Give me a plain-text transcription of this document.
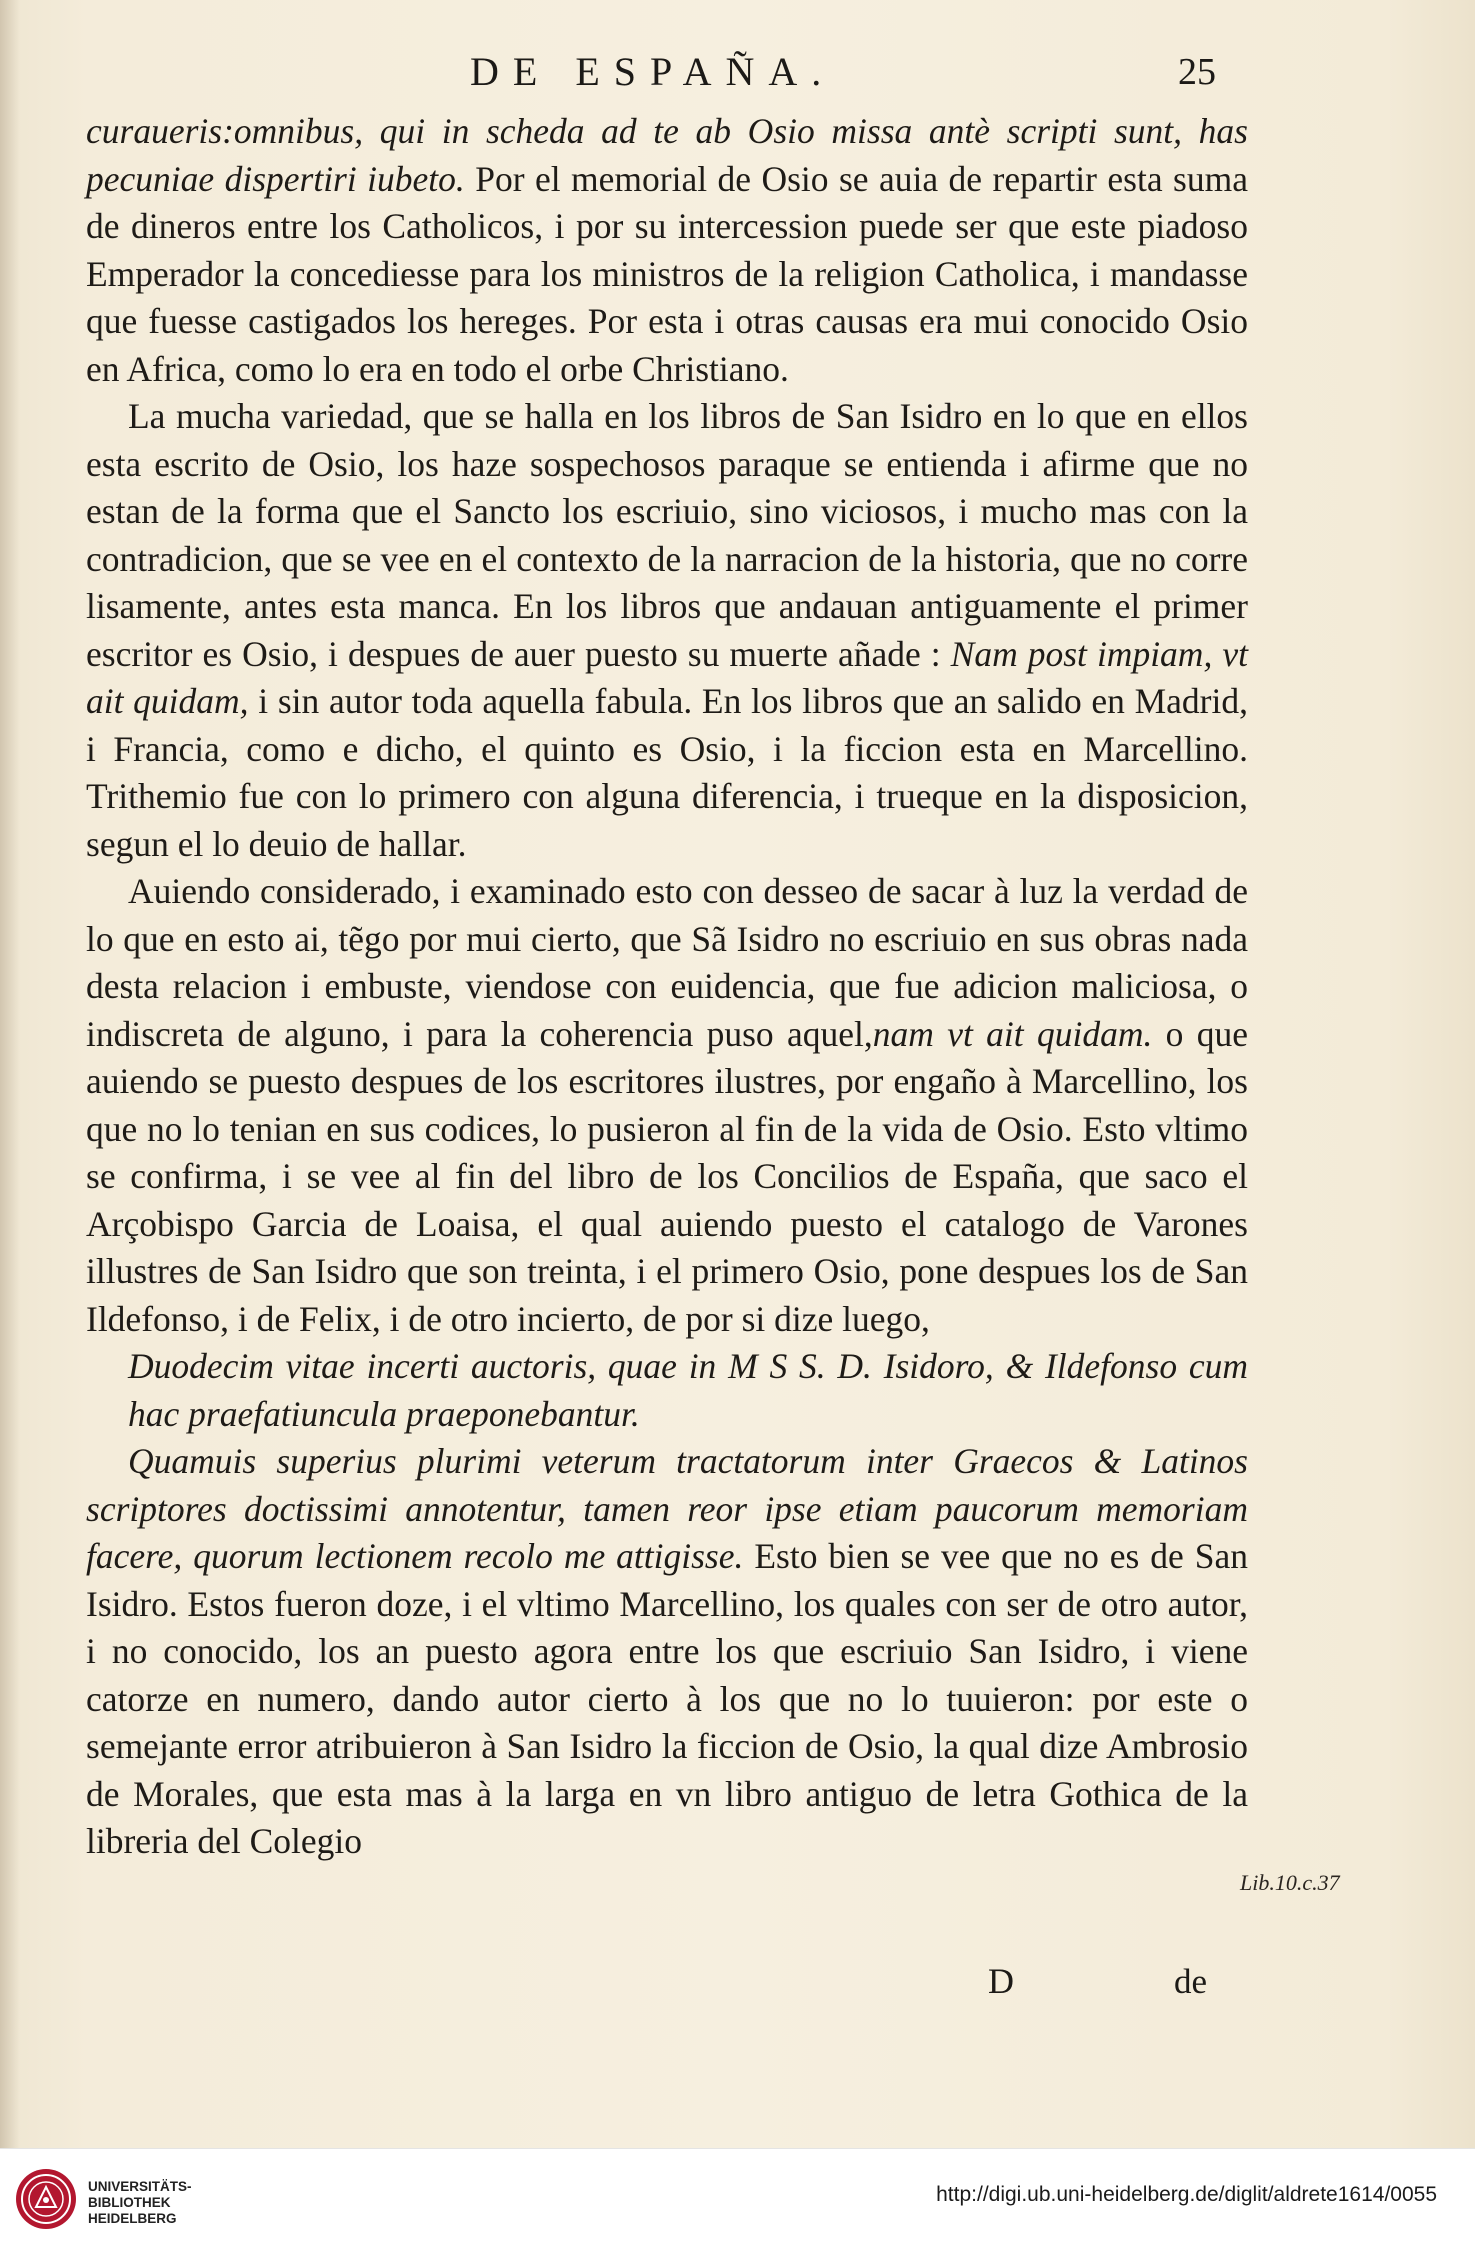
DE ESPAÑA.	25

curaueris:omnibus, qui in scheda ad te ab Osio missa antè scripti sunt, has pecuniae dispertiri iubeto. Por el memorial de Osio se auia de repartir esta suma de dineros entre los Catholicos, i por su intercession puede ser que este piadoso Emperador la concediesse para los ministros de la religion Catholica, i mandasse que fuesse castigados los hereges. Por esta i otras causas era mui conocido Osio en Africa, como lo era en todo el orbe Christiano.

La mucha variedad, que se halla en los libros de San Isidro en lo que en ellos esta escrito de Osio, los haze sospechosos paraque se entienda i afirme que no estan de la forma que el Sancto los escriuio, sino viciosos, i mucho mas con la contradicion, que se vee en el contexto de la narracion de la historia, que no corre lisamente, antes esta manca. En los libros que andauan antiguamente el primer escritor es Osio, i despues de auer puesto su muerte añade : Nam post impiam, vt ait quidam, i sin autor toda aquella fabula. En los libros que an salido en Madrid, i Francia, como e dicho, el quinto es Osio, i la ficcion esta en Marcellino. Trithemio fue con lo primero con alguna diferencia, i trueque en la disposicion, segun el lo deuio de hallar.

Auiendo considerado, i examinado esto con desseo de sacar à luz la verdad de lo que en esto ai, tẽgo por mui cierto, que Sã Isidro no escriuio en sus obras nada desta relacion i embuste, viendose con euidencia, que fue adicion maliciosa, o indiscreta de alguno, i para la coherencia puso aquel,nam vt ait quidam. o que auiendo se puesto despues de los escritores ilustres, por engaño à Marcellino, los que no lo tenian en sus codices, lo pusieron al fin de la vida de Osio. Esto vltimo se confirma, i se vee al fin del libro de los Concilios de España, que saco el Arçobispo Garcia de Loaisa, el qual auiendo puesto el catalogo de Varones illustres de San Isidro que son treinta, i el primero Osio, pone despues los de San Ildefonso, i de Felix, i de otro incierto, de por si dize luego,

Duodecim vitae incerti auctoris, quae in M S S. D. Isidoro, & Ildefonso cum hac praefatiuncula praeponebantur.

Quamuis superius plurimi veterum tractatorum inter Graecos & Latinos scriptores doctissimi annotentur, tamen reor ipse etiam paucorum memoriam facere, quorum lectionem recolo me attigisse. Esto bien se vee que no es de San Isidro. Estos fueron doze, i el vltimo Marcellino, los quales con ser de otro autor, i no conocido, los an puesto agora entre los que escriuio San Isidro, i viene catorze en numero, dando autor cierto à los que no lo tuuieron: por este o semejante error atribuieron à San Isidro la ficcion de Osio, la qual dize Ambrosio de Morales, que esta mas à la larga en vn libro antiguo de letra Gothica de la libreria del Colegio

Lib.10.c.37
D	de
UNIVERSITÄTS-
BIBLIOTHEK
HEIDELBERG
http://digi.ub.uni-heidelberg.de/diglit/aldrete1614/0055
